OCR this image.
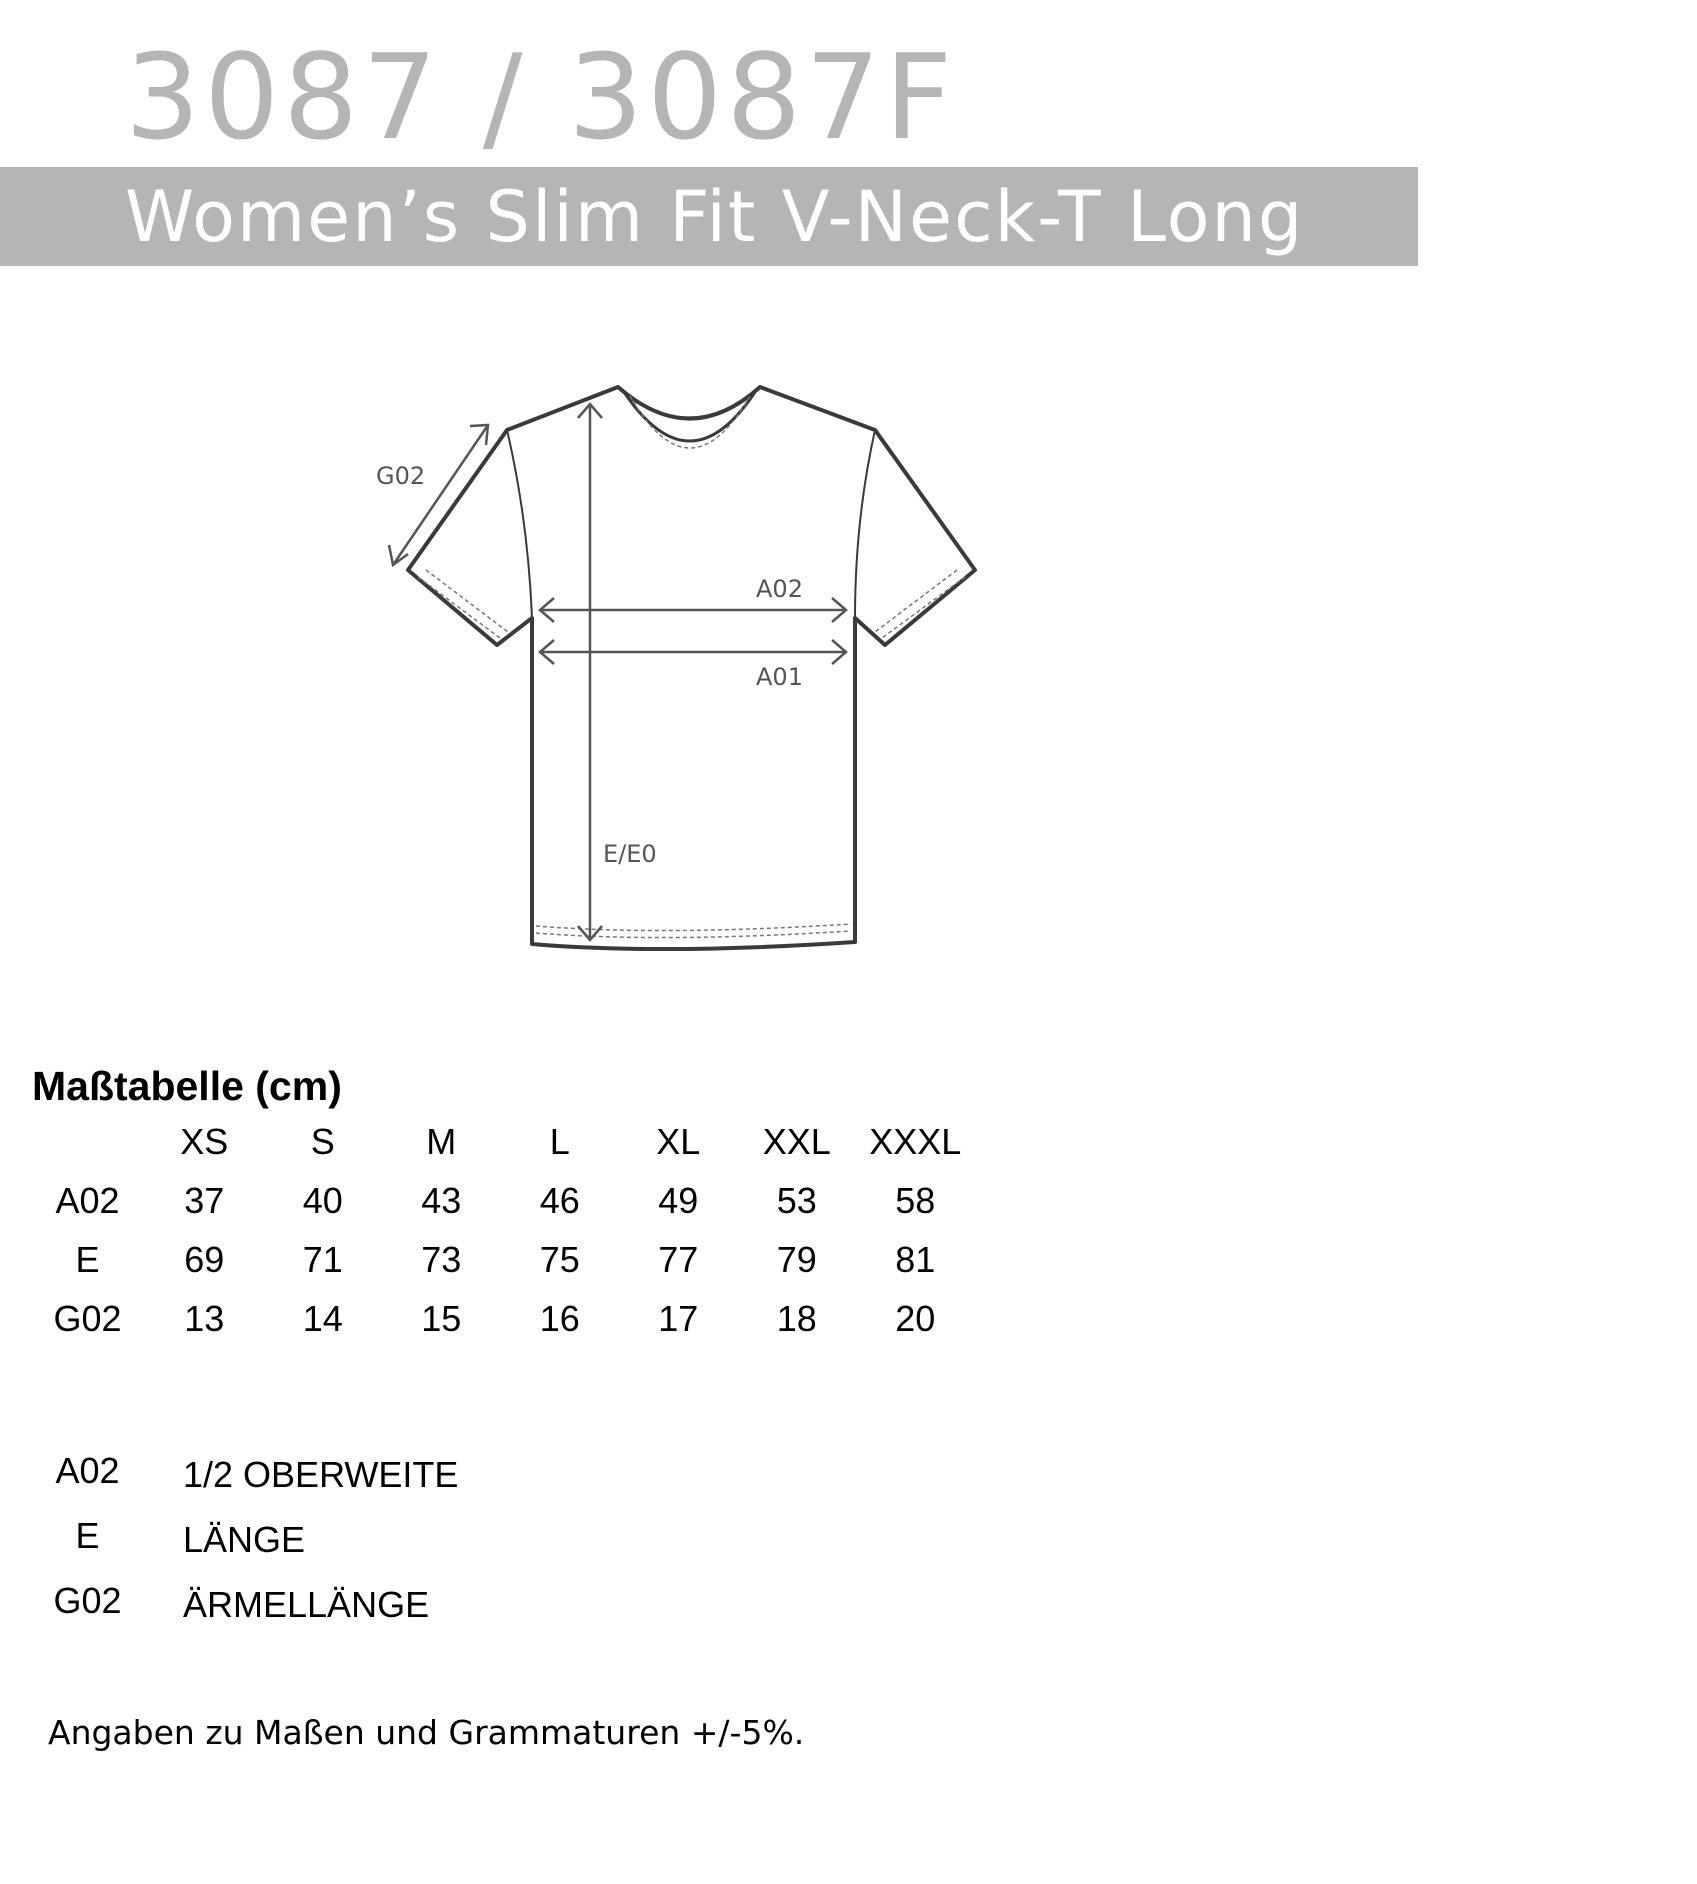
3087 / 3087F
Women’s Slim Fit V-Neck-T Long
G02
A02
A01
E/E0
Maßtabelle (cm)
	XS	S	M	L	XL	XXL	XXXL
A02	37	40	43	46	49	53	58
E	69	71	73	75	77	79	81
G02	13	14	15	16	17	18	20
A02	1/2 OBERWEITE
E	LÄNGE
G02	ÄRMELLÄNGE
Angaben zu Maßen und Grammaturen +/-5%.
